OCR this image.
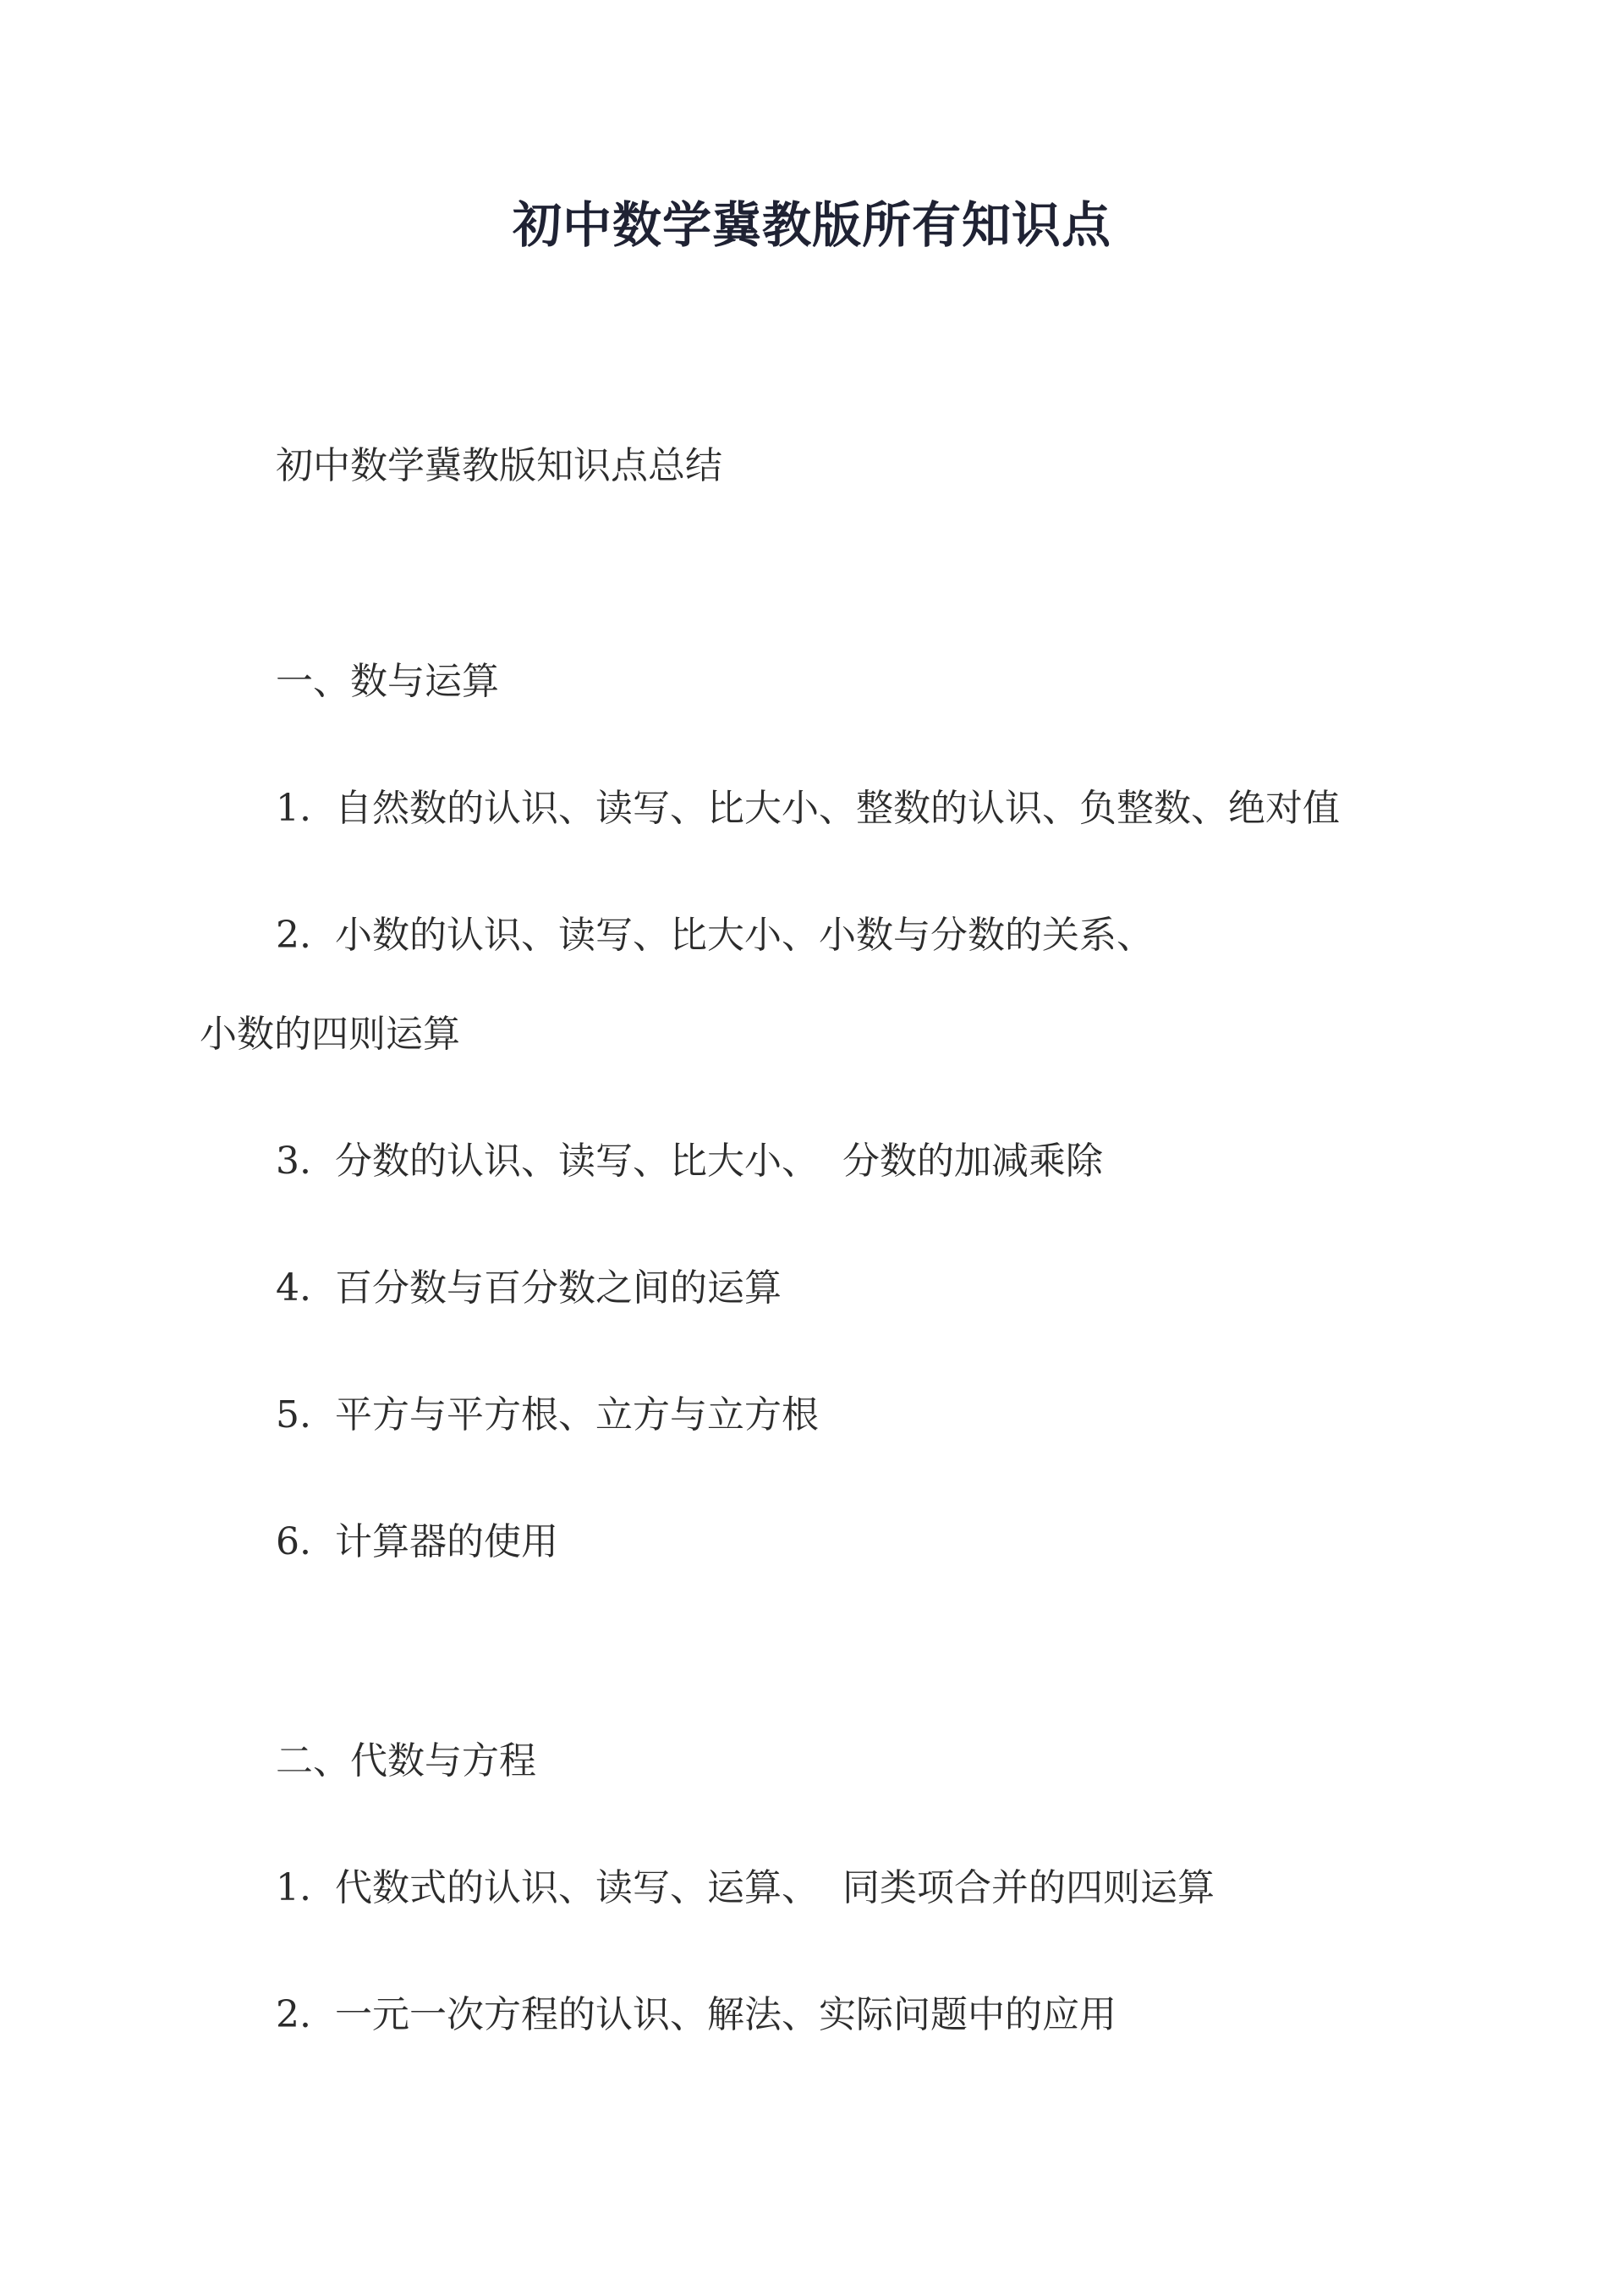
初中数学冀教版所有知识点
初中数学冀教版知识点总结
一、数与运算
1. 自然数的认识、读写、比大小、整数的认识、负整数、绝对值
2. 小数的认识、读写、比大小、小数与分数的关系、
小数的四则运算
3. 分数的认识、读写、比大小、  分数的加减乘除
4. 百分数与百分数之间的运算
5. 平方与平方根、立方与立方根
6. 计算器的使用
二、代数与方程
1. 代数式的认识、读写、运算、  同类项合并的四则运算
2. 一元一次方程的认识、解法、实际问题中的应用
